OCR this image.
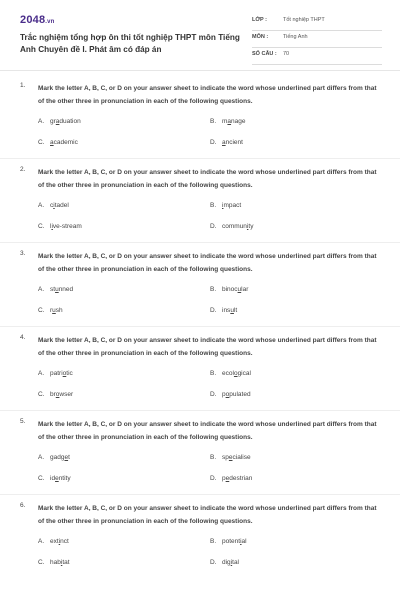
2048.vn
Trắc nghiệm tổng hợp ôn thi tốt nghiệp THPT môn Tiếng Anh Chuyên đề I. Phát âm có đáp án
LỚP :	Tốt nghiệp THPT
MÔN :	Tiếng Anh
SỐ CÂU : 70
1. Mark the letter A, B, C, or D on your answer sheet to indicate the word whose underlined part differs from that of the other three in pronunciation in each of the following questions.
A. graduation	B. manage
C. academic	D. ancient
2. Mark the letter A, B, C, or D on your answer sheet to indicate the word whose underlined part differs from that of the other three in pronunciation in each of the following questions.
A. citadel	B. impact
C. live-stream	D. community
3. Mark the letter A, B, C, or D on your answer sheet to indicate the word whose underlined part differs from that of the other three in pronunciation in each of the following questions.
A. stunned	B. binocular
C. rush	D. insult
4. Mark the letter A, B, C, or D on your answer sheet to indicate the word whose underlined part differs from that of the other three in pronunciation in each of the following questions.
A. patriotic	B. ecological
C. browser	D. populated
5. Mark the letter A, B, C, or D on your answer sheet to indicate the word whose underlined part differs from that of the other three in pronunciation in each of the following questions.
A. gadget	B. specialise
C. identity	D. pedestrian
6. Mark the letter A, B, C, or D on your answer sheet to indicate the word whose underlined part differs from that of the other three in pronunciation in each of the following questions.
A. extinct	B. potential
C. habitat	D. digital
